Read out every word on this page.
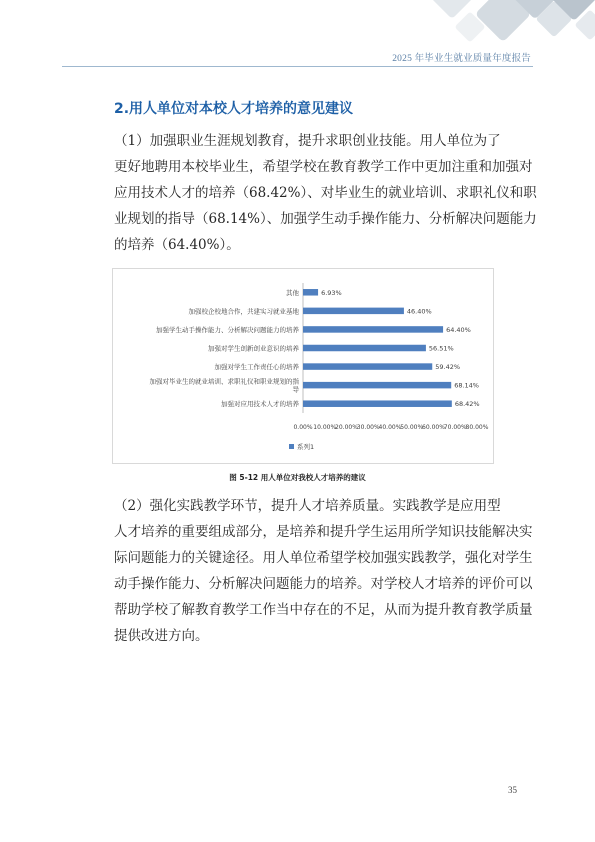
2025 年毕业生就业质量年度报告
2.用人单位对本校人才培养的意见建议

（1）加强职业生涯规划教育，提升求职创业技能。用人单位为了
更好地聘用本校毕业生，希望学校在教育教学工作中更加注重和加强对
应用技术人才的培养（68.42%）、对毕业生的就业培训、求职礼仪和职
业规划的指导（68.14%）、加强学生动手操作能力、分析解决问题能力
的培养（64.40%）。

68.42%
加强对应用技术人才的培养
68.14%
加强对毕业生的就业培训、求职礼仪和职业规划的指
导
59.42%
加强对学生工作责任心的培养
56.51%
加强对学生创新创业意识的培养
64.40%
加强学生动手操作能力、分析解决问题能力的培养
46.40%
加强校企校地合作，共建实习就业基地
6.93%
其他
0.00% 10.00%
20.00%
30.00%
40.00%
50.00%
60.00%
70.00%
80.00%
系列1
图 5-12 用人单位对我校人才培养的建议

（2）强化实践教学环节，提升人才培养质量。实践教学是应用型
人才培养的重要组成部分，是培养和提升学生运用所学知识技能解决实
际问题能力的关键途径。用人单位希望学校加强实践教学，强化对学生
动手操作能力、分析解决问题能力的培养。对学校人才培养的评价可以
帮助学校了解教育教学工作当中存在的不足，从而为提升教育教学质量
提供改进方向。

35
